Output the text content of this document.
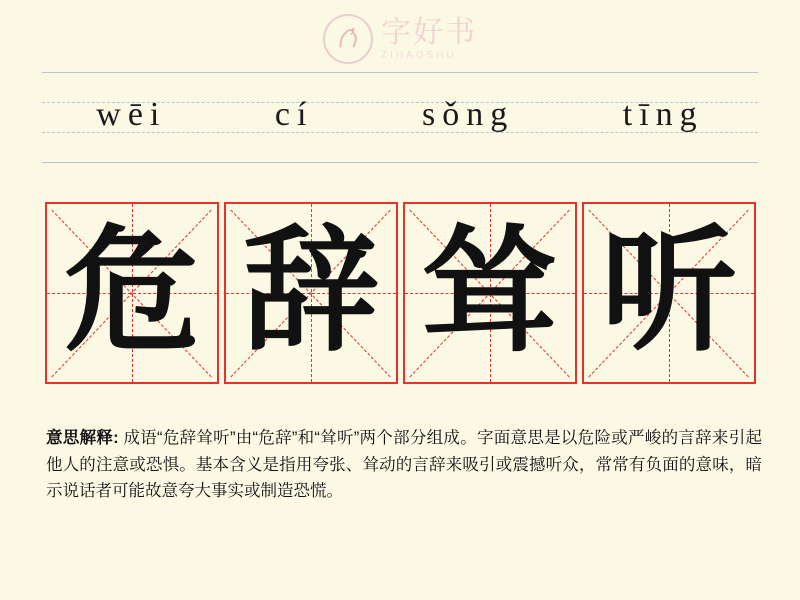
字好书
ZIHAOSHU
wēi	cí	sǒng	tīng
危 辞 耸 听
意思解释: 成语“危辞耸听”由“危辞”和“耸听”两个部分组成。字面意思是以危险或严峻的言辞来引起他人的注意或恐惧。基本含义是指用夸张、耸动的言辞来吸引或震撼听众，常常有负面的意味，暗示说话者可能故意夸大事实或制造恐慌。
